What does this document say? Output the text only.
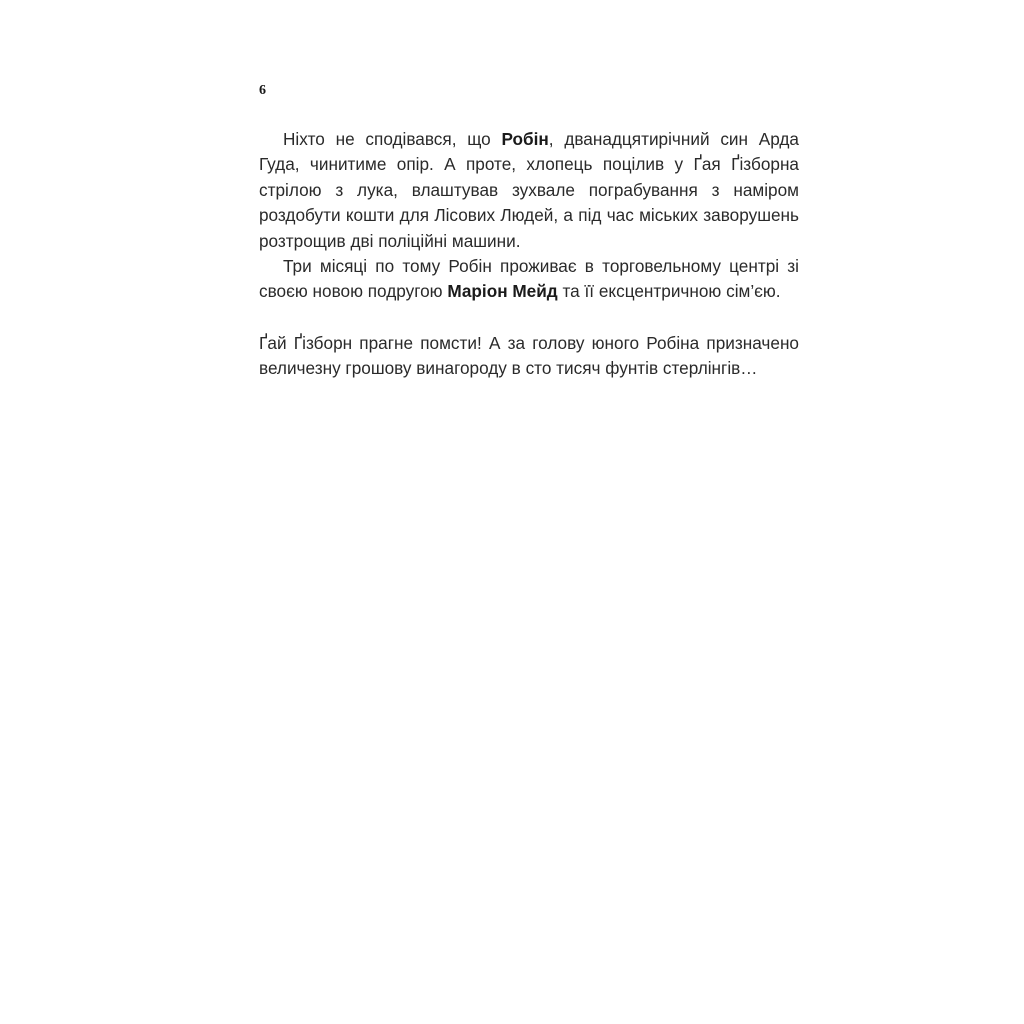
6

Ніхто не сподівався, що Робін, дванадцятирічний син Арда Гуда, чинитиме опір. А проте, хлопець поцілив у Ґая Ґізборна стрілою з лука, влаштував зухвале пограбування з наміром роздобути кошти для Лісових Людей, а під час міських заворушень розтрощив дві поліційні машини.

Три місяці по тому Робін проживає в торговельному центрі зі своєю новою подругою Маріон Мейд та її ексцентричною сім’єю.

Ґай Ґізборн прагне помсти! А за голову юного Робіна призначено величезну грошову винагороду в сто тисяч фунтів стерлінгів…
